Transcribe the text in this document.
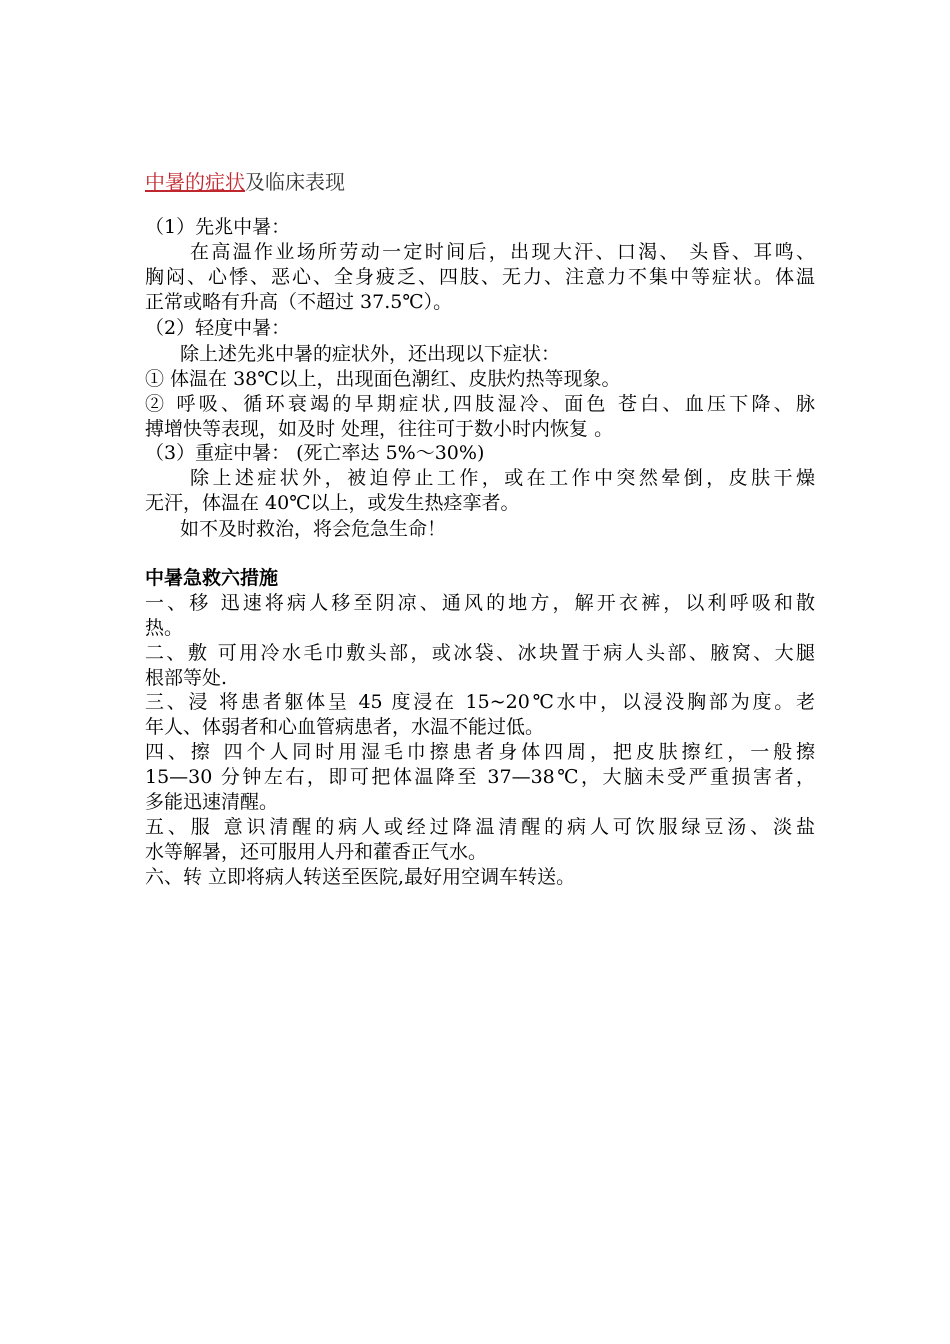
中暑的症状及临床表现
（1）先兆中暑：
在高温作业场所劳动一定时间后，出现大汗、口渴、 头昏、耳鸣、
胸闷、心悸、恶心、全身疲乏、四肢、无力、注意力不集中等症状。体温
正常或略有升高（不超过 37.5℃）。
（2）轻度中暑：
除上述先兆中暑的症状外，还出现以下症状：
① 体温在 38℃以上，出现面色潮红、皮肤灼热等现象。
② 呼吸、循环衰竭的早期症状,四肢湿冷、面色 苍白、血压下降、脉
搏增快等表现，如及时 处理，往往可于数小时内恢复 。
（3）重症中暑： (死亡率达 5%～30%)
除上述症状外，被迫停止工作，或在工作中突然晕倒，皮肤干燥
无汗，体温在 40℃以上，或发生热痉挛者。
如不及时救治，将会危急生命！
中暑急救六措施
一、移 迅速将病人移至阴凉、通风的地方，解开衣裤，以利呼吸和散
热。
二、敷 可用冷水毛巾敷头部，或冰袋、冰块置于病人头部、腋窝、大腿
根部等处.
三、浸 将患者躯体呈 45 度浸在 15~20℃水中，以浸没胸部为度。老
年人、体弱者和心血管病患者，水温不能过低。
四、擦 四个人同时用湿毛巾擦患者身体四周，把皮肤擦红，一般擦
15—30 分钟左右，即可把体温降至 37—38℃，大脑未受严重损害者，
多能迅速清醒。
五、服 意识清醒的病人或经过降温清醒的病人可饮服绿豆汤、淡盐
水等解暑，还可服用人丹和藿香正气水。
六、转 立即将病人转送至医院,最好用空调车转送。
